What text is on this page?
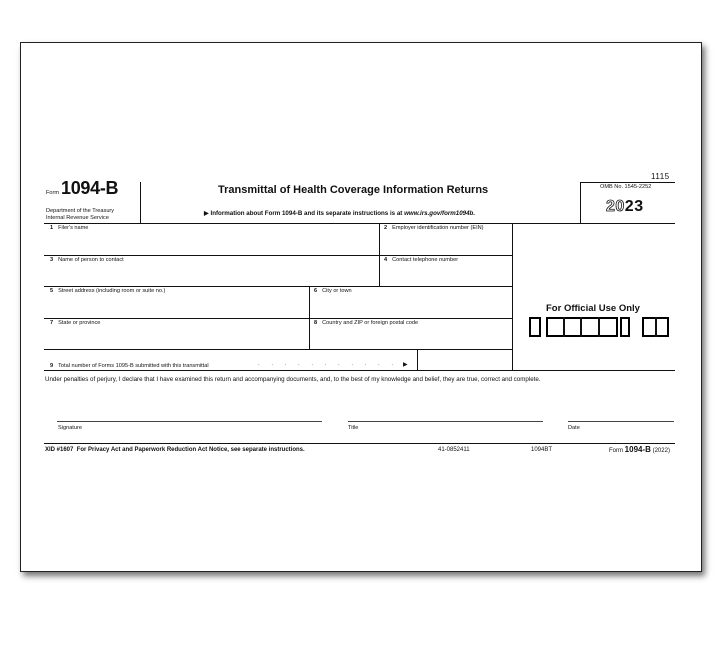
1115
Form 1094-B
Department of the Treasury
Internal Revenue Service
Transmittal of Health Coverage Information Returns
▶ Information about Form 1094-B and its separate instructions is at www.irs.gov/form1094b.
OMB No. 1545-2252
2023
1 Filer's name	2 Employer identification number (EIN)
3 Name of person to contact	4 Contact telephone number
5 Street address (including room or suite no.)	6 City or town
7 State or province	8 Country and ZIP or foreign postal code
9 Total number of Forms 1095-B submitted with this transmittal	. . . . . . . . . . . ▶
For Official Use Only
Under penalties of perjury, I declare that I have examined this return and accompanying documents, and, to the best of my knowledge and belief, they are true, correct and complete.
Signature	Title	Date
XID #1607 For Privacy Act and Paperwork Reduction Act Notice, see separate instructions.	41-0852411	1094BT	Form 1094-B (2022)
